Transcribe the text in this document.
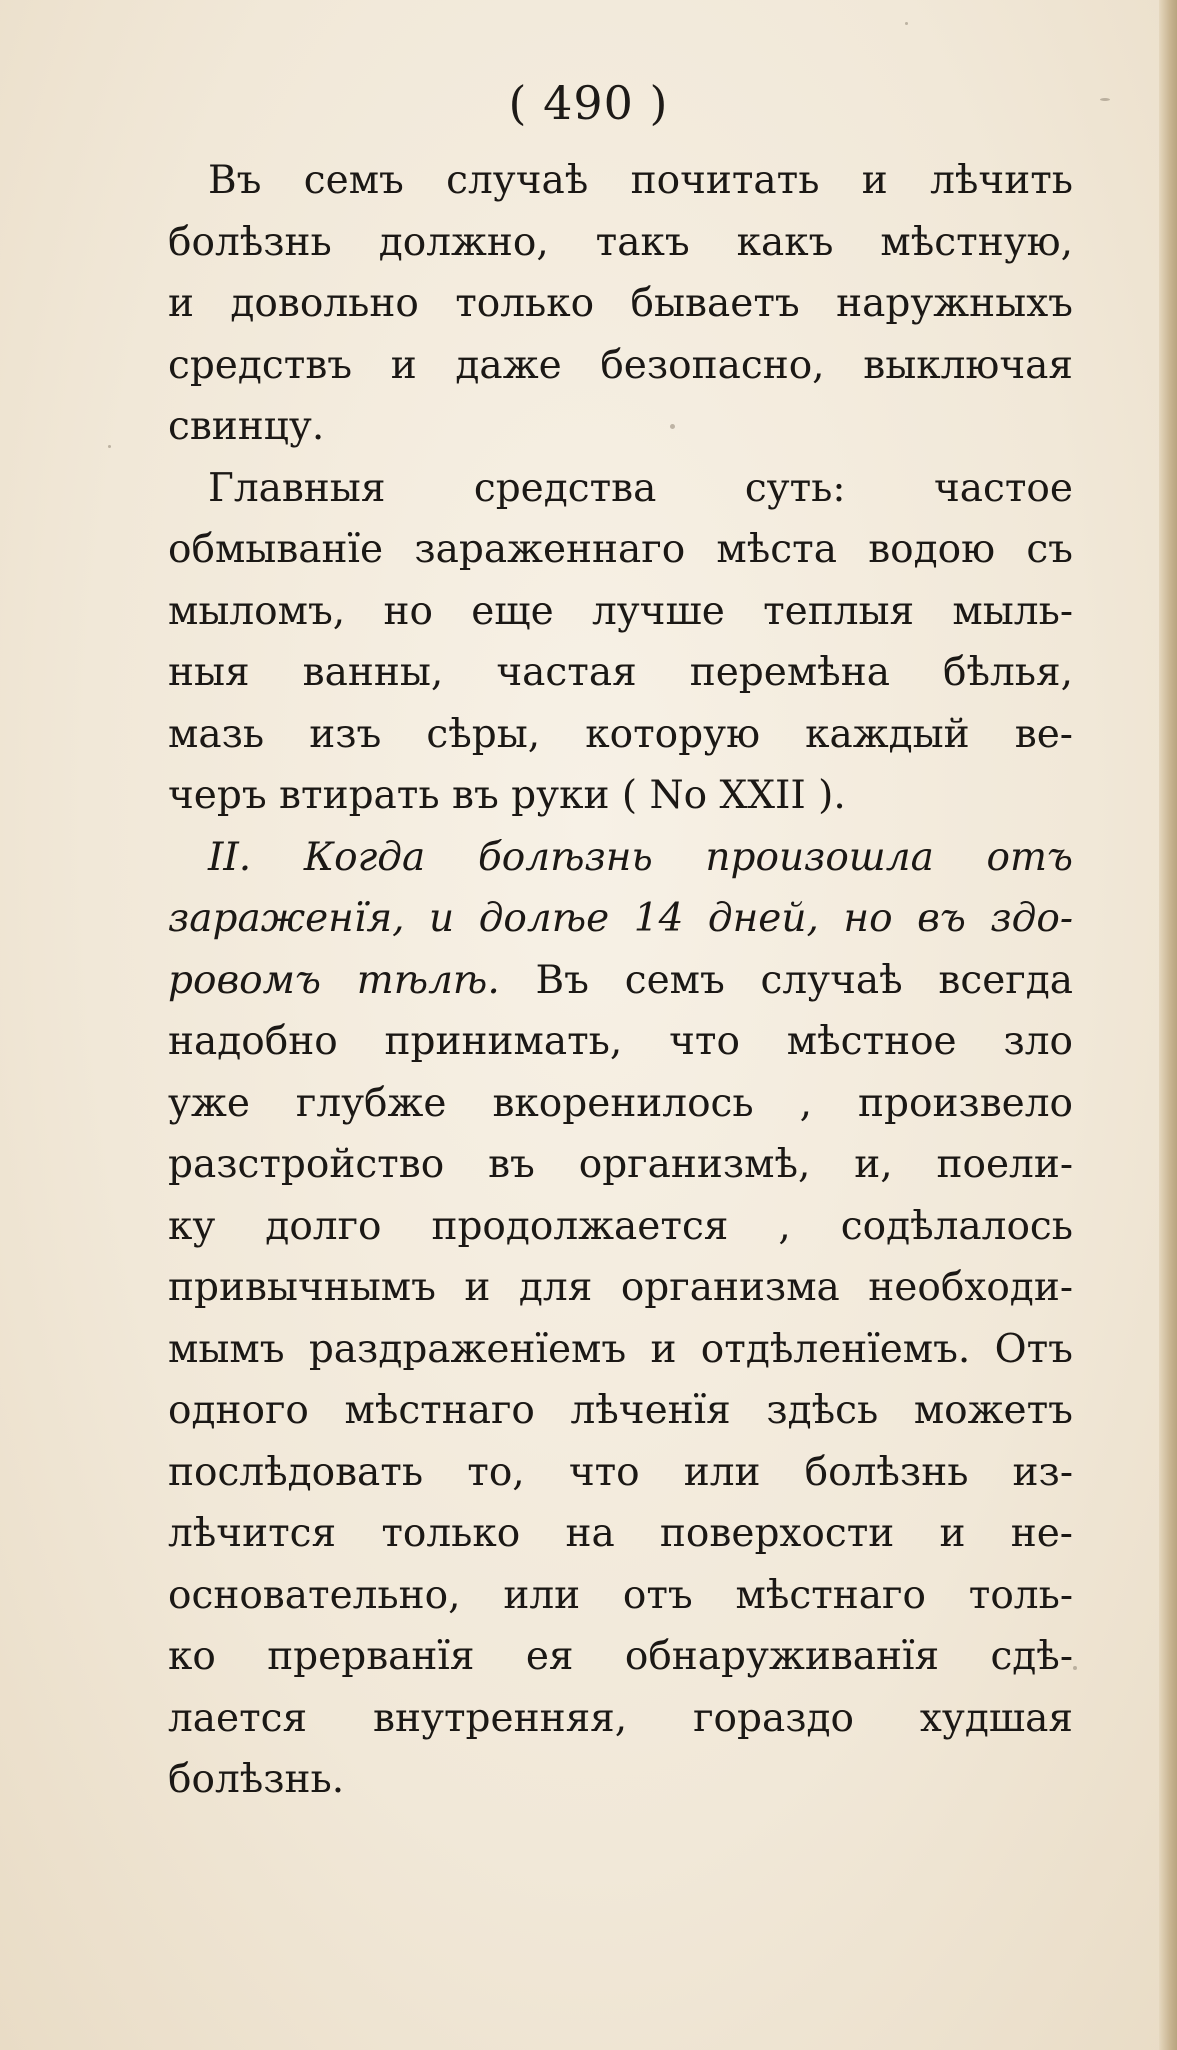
( 490 )
Въ семъ случаѣ почитать и лѣчить
болѣзнь должно, такъ какъ мѣстную,
и довольно только бываетъ наружныхъ
средствъ и даже безопасно, выключая
свинцу.
Главныя средства суть: частое
обмыванїе зараженнаго мѣста водою съ
мыломъ, но еще лучше теплыя мыль-
ныя ванны, частая перемѣна бѣлья,
мазь изъ сѣры, которую каждый ве-
черъ втирать въ руки ( No XXII ).
II. Когда болѣзнь произошла отъ
зараженїя, и долѣе 14 дней, но въ здо-
ровомъ тѣлѣ. Въ семъ случаѣ всегда
надобно принимать, что мѣстное зло
уже глубже вкоренилось , произвело
разстройство въ организмѣ, и, поели-
ку долго продолжается , содѣлалось
привычнымъ и для организма необходи-
мымъ раздраженїемъ и отдѣленїемъ. Отъ
одного мѣстнаго лѣченїя здѣсь можетъ
послѣдовать то, что или болѣзнь из-
лѣчится только на поверхости и не-
основательно, или отъ мѣстнаго толь-
ко прерванїя ея обнаруживанїя сдѣ-
лается внутренняя, гораздо худшая
болѣзнь.
